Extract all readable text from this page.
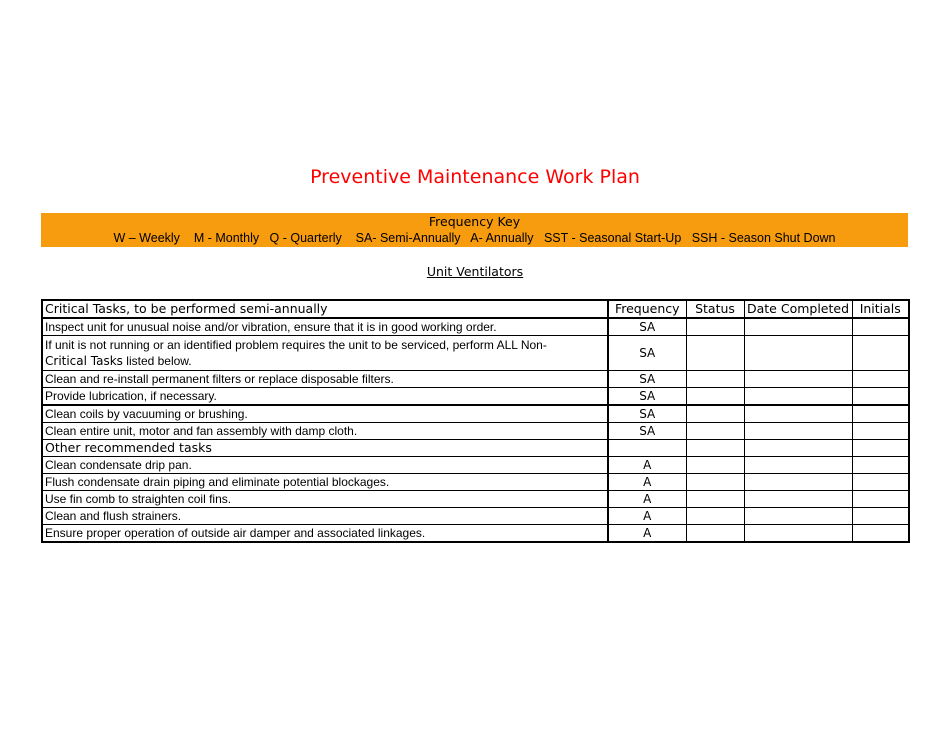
Preventive Maintenance Work Plan
Frequency Key
W – Weekly    M - Monthly   Q - Quarterly    SA- Semi-Annually   A- Annually   SST - Seasonal Start-Up   SSH - Season Shut Down
Unit Ventilators
Critical Tasks, to be performed semi-annually	Frequency	Status	Date Completed	Initials
Inspect unit for unusual noise and/or vibration, ensure that it is in good working order.	SA			
If unit is not running or an identified problem requires the unit to be serviced, perform ALL Non-
Critical Tasks listed below.	SA			
Clean and re-install permanent filters or replace disposable filters.	SA			
Provide lubrication, if necessary.	SA			
Clean coils by vacuuming or brushing.	SA			
Clean entire unit, motor and fan assembly with damp cloth.	SA			
Other recommended tasks				
Clean condensate drip pan.	A			
Flush condensate drain piping and eliminate potential blockages.	A			
Use fin comb to straighten coil fins.	A			
Clean and flush strainers.	A			
Ensure proper operation of outside air damper and associated linkages.	A			
